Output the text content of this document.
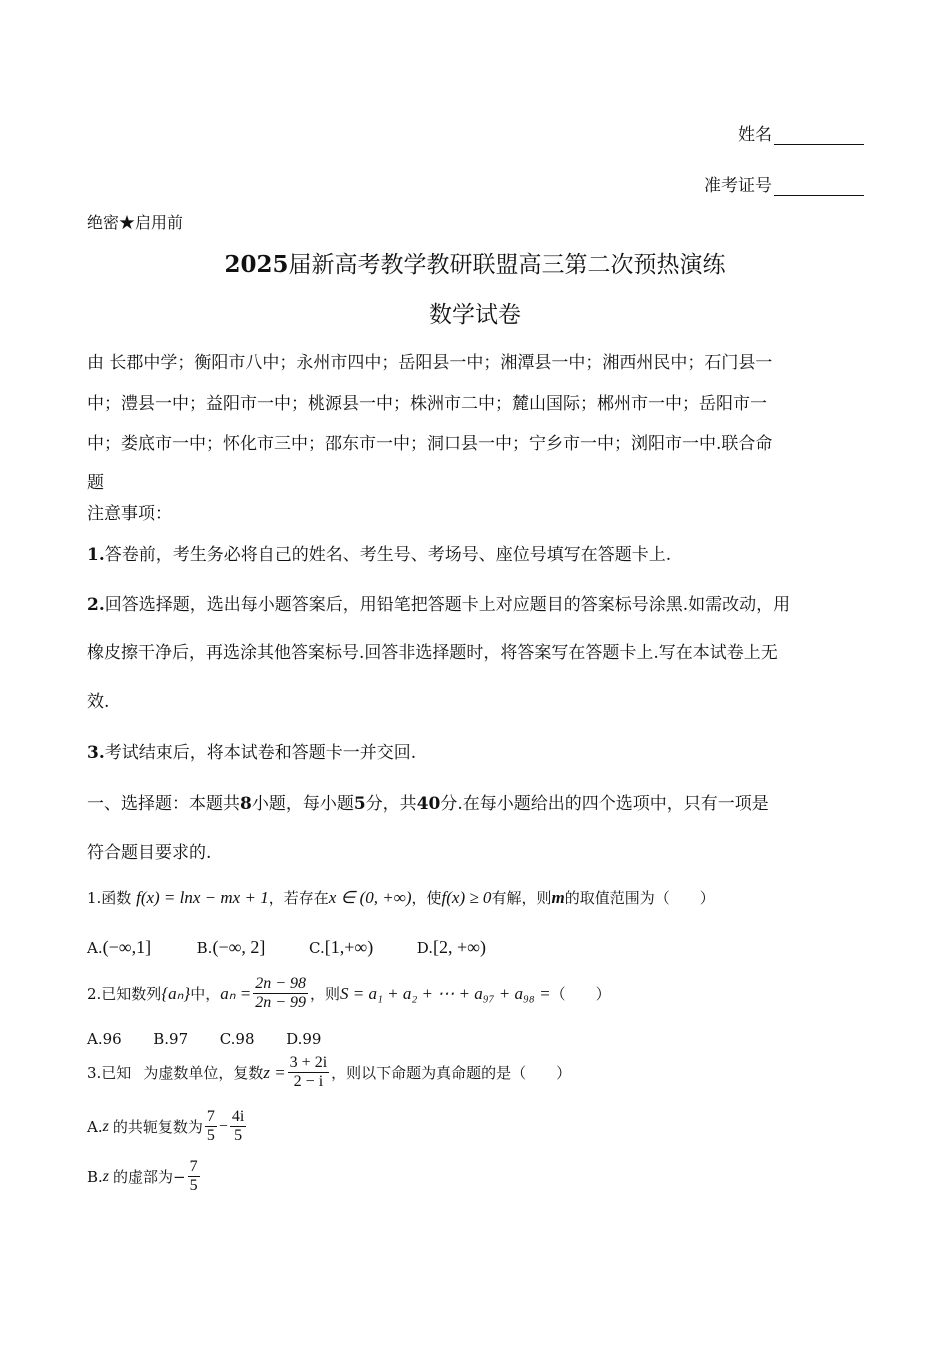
姓名
准考证号
绝密★启用前
2025届新高考教学教研联盟高三第二次预热演练
数学试卷
由 长郡中学；衡阳市八中；永州市四中；岳阳县一中；湘潭县一中；湘西州民中；石门县一
中；澧县一中；益阳市一中；桃源县一中；株洲市二中；麓山国际；郴州市一中；岳阳市一
中；娄底市一中；怀化市三中；邵东市一中；洞口县一中；宁乡市一中；浏阳市一中.联合命
题
注意事项：
1.答卷前，考生务必将自己的姓名、考生号、考场号、座位号填写在答题卡上.
2.回答选择题，选出每小题答案后，用铅笔把答题卡上对应题目的答案标号涂黑.如需改动，用
橡皮擦干净后，再选涂其他答案标号.回答非选择题时，将答案写在答题卡上.写在本试卷上无
效.
3.考试结束后，将本试卷和答题卡一并交回.
一、选择题：本题共8小题，每小题5分，共40分.在每小题给出的四个选项中，只有一项是
符合题目要求的.
1.函数 f(x) = lnx − mx + 1，若存在x ∈ (0, +∞)，使f(x) ≥ 0有解，则m的取值范围为（　　）
A.(−∞,1]	B.(−∞, 2]	C.[1,+∞)	D.[2, +∞)
2.已知数列 {aₙ} 中， $a_n = \frac{2n - 98}{2n - 99}$ ，则 S = a₁ + a₂ + ⋯ + a₉₇ + a₉₈ = （　　）
A.96 B.97 C.98 D.99
3.已知 为虚数单位，复数 $z = \frac{3 + 2i}{2 - i}$ ，则以下命题为真命题的是（　　）
A. z 的共轭复数为 $\frac{7}{5} - \frac{4i}{5}$
B. z 的虚部为− $\frac{7}{5}$
